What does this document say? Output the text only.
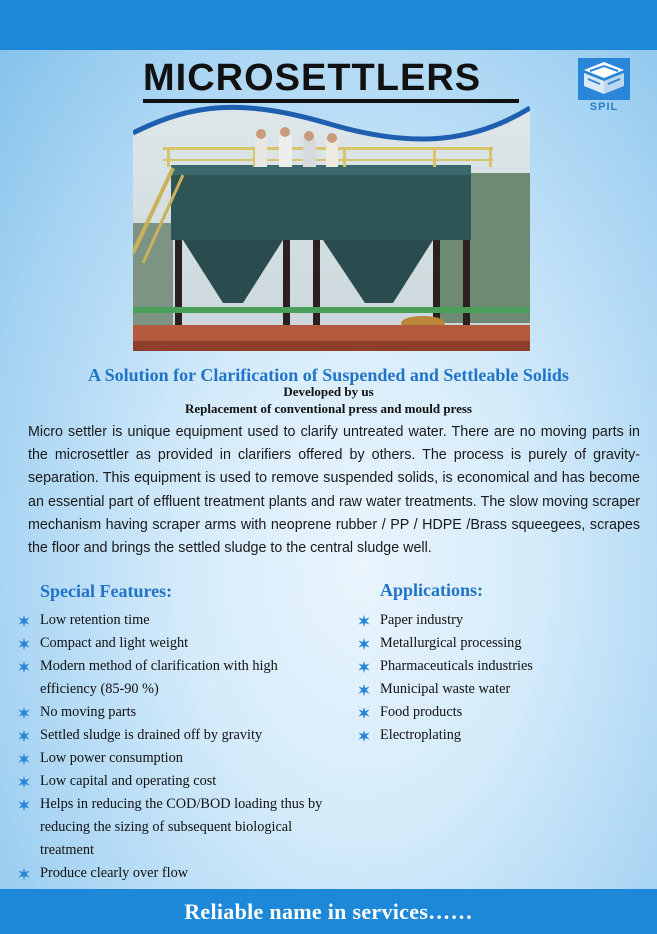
MICROSETTLERS
SPIL

A Solution for Clarification of Suspended and Settleable Solids

Developed by us

Replacement of conventional press and mould press

Micro settler is unique equipment used to clarify untreated water. There are no moving parts in the microsettler as provided in clarifiers offered by others. The process is purely of gravity-separation. This equipment is used to remove suspended solids, is economical and has become an essential part of effluent treatment plants and raw water treatments. The slow moving scraper mechanism having scraper arms with neoprene rubber / PP / HDPE /Brass squeegees, scrapes the floor and brings the settled sludge to the central sludge well.

Special Features:	Applications:
Low retention time
Compact and light weight
Modern method of clarification with high efficiency (85-90 %)
No moving parts
Settled sludge is drained off by gravity
Low power consumption
Low capital and operating cost
Helps in reducing the COD/BOD loading thus by reducing the sizing of subsequent biological treatment
Produce clearly over flow
Paper industry
Metallurgical processing
Pharmaceuticals industries
Municipal waste water
Food products
Electroplating
Reliable name in services……
